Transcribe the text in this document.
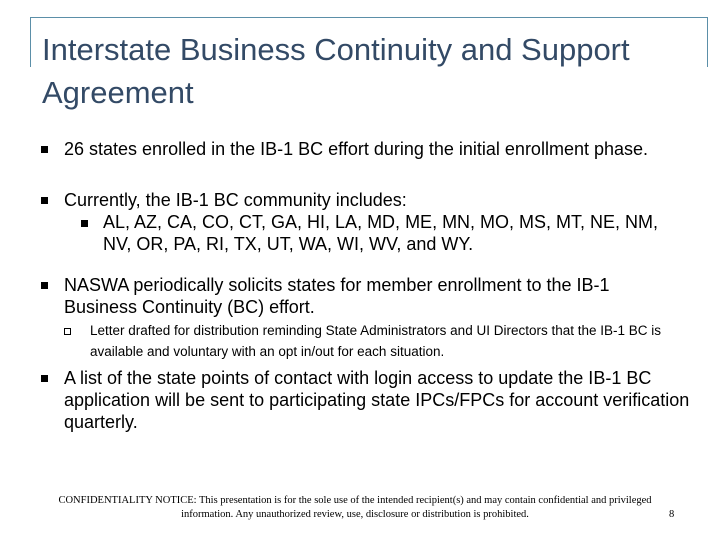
Interstate Business Continuity and Support Agreement
26 states enrolled in the IB-1 BC effort during the initial enrollment phase.
Currently, the IB-1 BC community includes:
AL, AZ, CA, CO, CT, GA, HI, LA, MD, ME, MN, MO, MS, MT, NE, NM, NV, OR, PA, RI, TX, UT, WA, WI, WV, and WY.
NASWA periodically solicits states for member enrollment to the IB-1 Business Continuity (BC) effort.
Letter drafted for distribution reminding State Administrators and UI Directors that the IB-1 BC is available and voluntary with an opt in/out for each situation.
A list of the state points of contact with login access to update the IB-1 BC application will be sent to participating state IPCs/FPCs for account verification quarterly.
CONFIDENTIALITY NOTICE: This presentation is for the sole use of the intended recipient(s) and may contain confidential and privileged information. Any unauthorized review, use, disclosure or distribution is prohibited.	8
